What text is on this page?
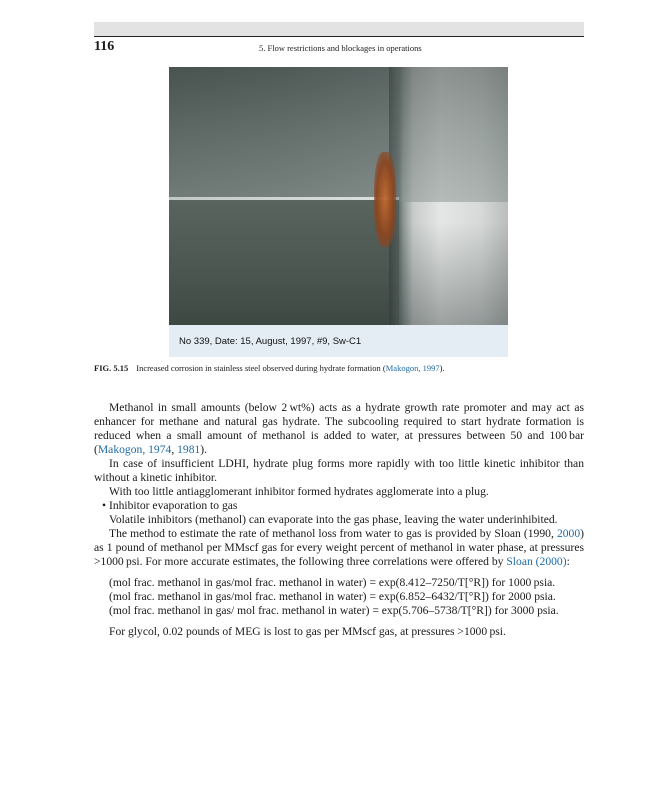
116	5. Flow restrictions and blockages in operations
No 339, Date: 15, August, 1997, #9, Sw-C1
FIG. 5.15 Increased corrosion in stainless steel observed during hydrate formation (Makogon, 1997).

Methanol in small amounts (below 2 wt%) acts as a hydrate growth rate promoter and may act as enhancer for methane and natural gas hydrate. The subcooling required to start hydrate formation is reduced when a small amount of methanol is added to water, at pressures between 50 and 100 bar (Makogon, 1974, 1981).

In case of insufficient LDHI, hydrate plug forms more rapidly with too little kinetic inhibitor than without a kinetic inhibitor.

With too little antiagglomerant inhibitor formed hydrates agglomerate into a plug.

• Inhibitor evaporation to gas

Volatile inhibitors (methanol) can evaporate into the gas phase, leaving the water underinhibited.

The method to estimate the rate of methanol loss from water to gas is provided by Sloan (1990, 2000) as 1 pound of methanol per MMscf gas for every weight percent of methanol in water phase, at pressures >1000 psi. For more accurate estimates, the following three correlations were offered by Sloan (2000):

(mol frac. methanol in gas/mol frac. methanol in water) = exp(8.412–7250/T[°R]) for 1000 psia.

(mol frac. methanol in gas/mol frac. methanol in water) = exp(6.852–6432/T[°R]) for 2000 psia.

(mol frac. methanol in gas/ mol frac. methanol in water) = exp(5.706–5738/T[°R]) for 3000 psia.

For glycol, 0.02 pounds of MEG is lost to gas per MMscf gas, at pressures >1000 psi.
